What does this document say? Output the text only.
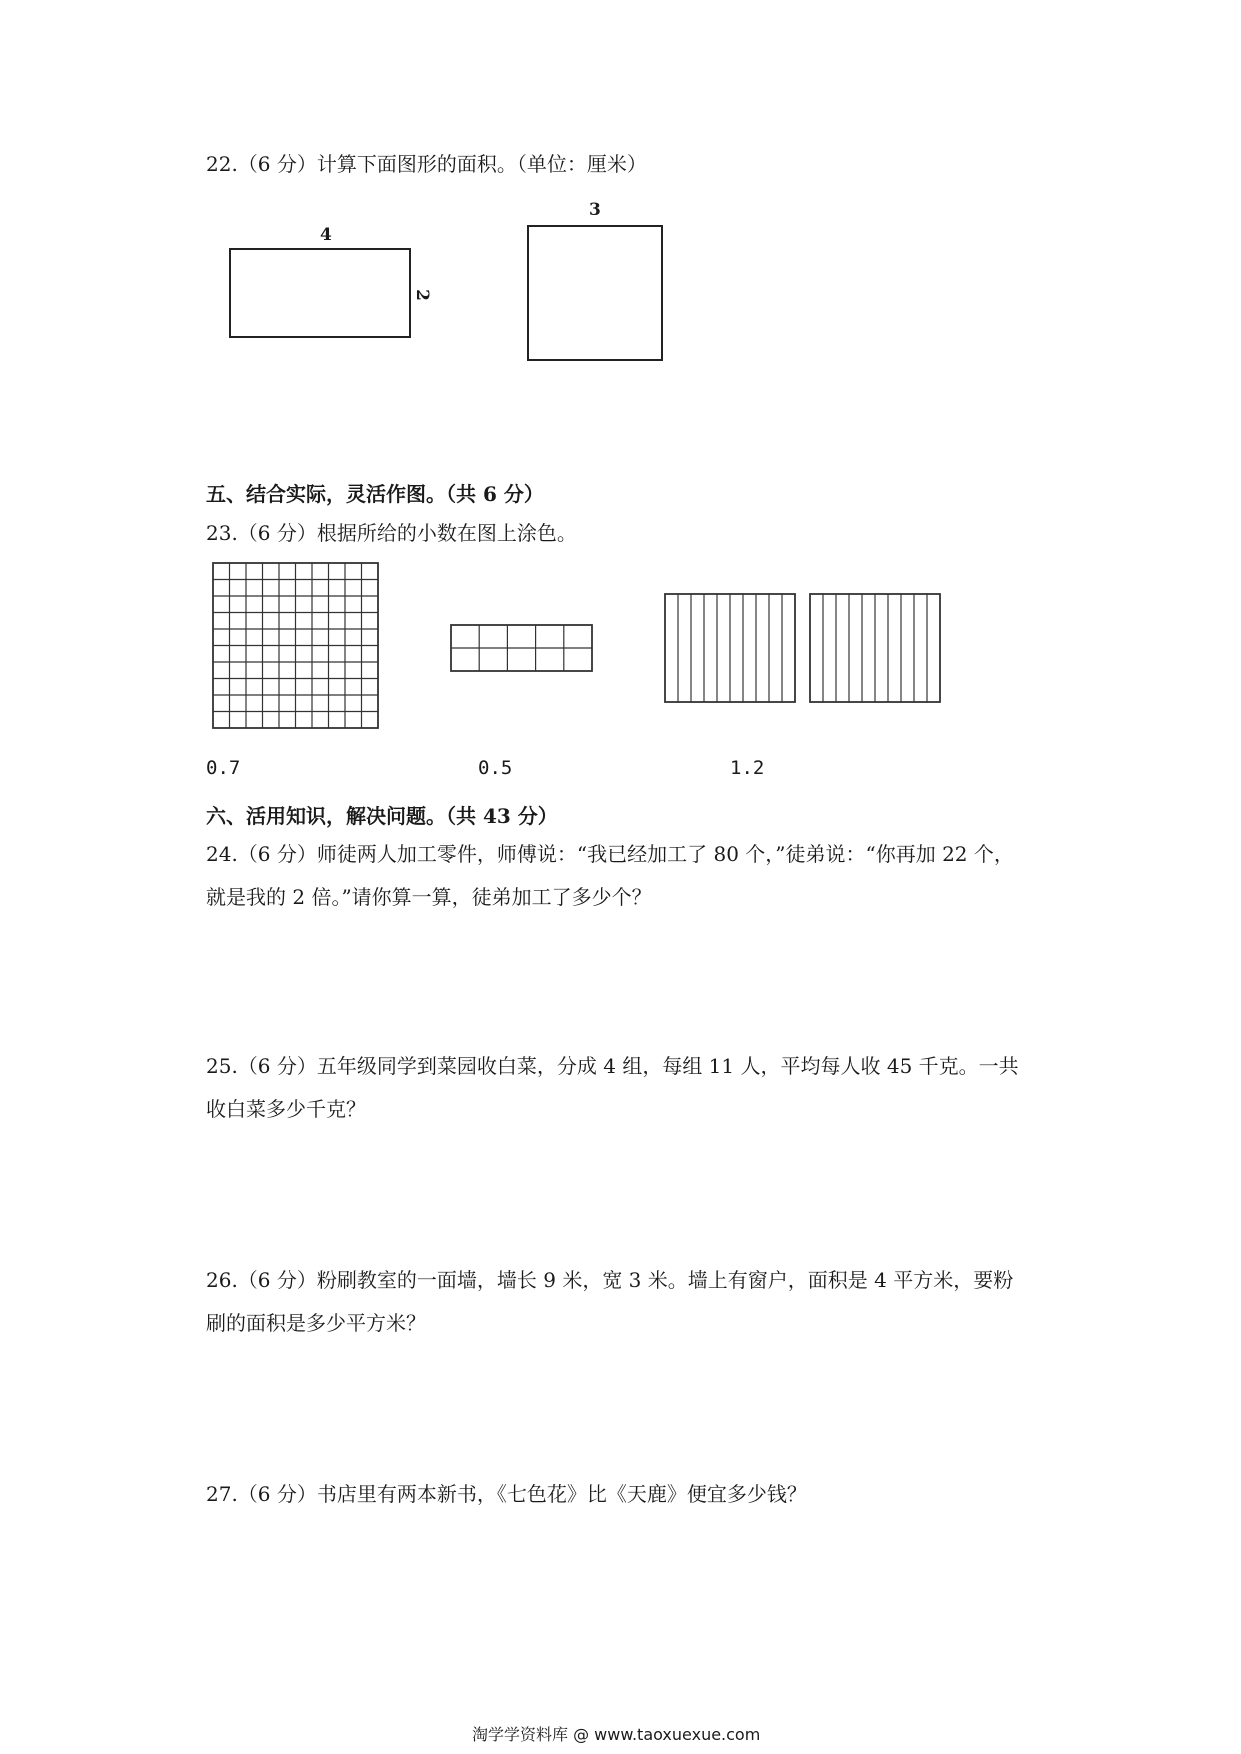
22.（6 分）计算下面图形的面积。（单位：厘米）
4
2
3
五、结合实际，灵活作图。（共 6 分）
23.（6 分）根据所给的小数在图上涂色。
0.7	0.5	1.2
六、活用知识，解决问题。（共 43 分）
24.（6 分）师徒两人加工零件，师傅说：“我已经加工了 80 个，”徒弟说：“你再加 22 个，
就是我的 2 倍。”请你算一算，徒弟加工了多少个？
25.（6 分）五年级同学到菜园收白菜，分成 4 组，每组 11 人，平均每人收 45 千克。一共
收白菜多少千克？
26.（6 分）粉刷教室的一面墙，墙长 9 米，宽 3 米。墙上有窗户，面积是 4 平方米，要粉
刷的面积是多少平方米？
27.（6 分）书店里有两本新书，《七色花》比《天鹿》便宜多少钱？
淘学学资料库 @ www.taoxuexue.com
